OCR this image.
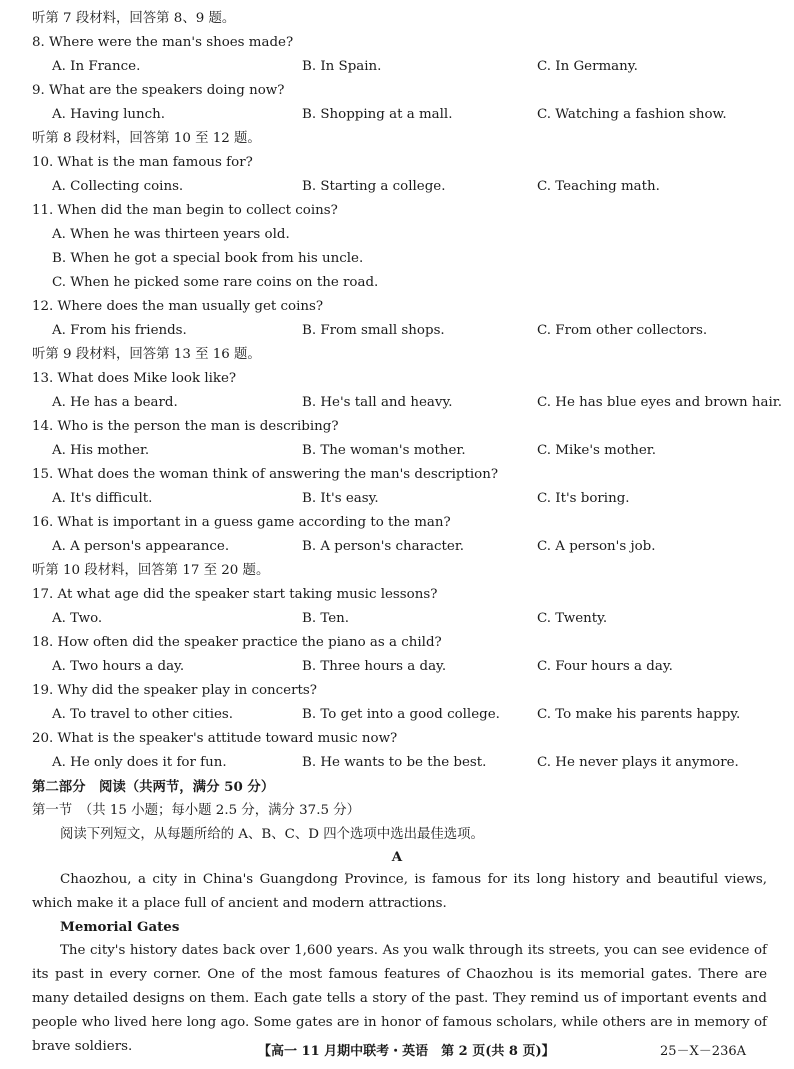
听第 7 段材料，回答第 8、9 题。
8. Where were the man's shoes made?
A. In France.	B. In Spain.	C. In Germany.
9. What are the speakers doing now?
A. Having lunch.	B. Shopping at a mall.	C. Watching a fashion show.
听第 8 段材料，回答第 10 至 12 题。
10. What is the man famous for?
A. Collecting coins.	B. Starting a college.	C. Teaching math.
11. When did the man begin to collect coins?
A. When he was thirteen years old.
B. When he got a special book from his uncle.
C. When he picked some rare coins on the road.
12. Where does the man usually get coins?
A. From his friends.	B. From small shops.	C. From other collectors.
听第 9 段材料，回答第 13 至 16 题。
13. What does Mike look like?
A. He has a beard.	B. He's tall and heavy.	C. He has blue eyes and brown hair.
14. Who is the person the man is describing?
A. His mother.	B. The woman's mother.	C. Mike's mother.
15. What does the woman think of answering the man's description?
A. It's difficult.	B. It's easy.	C. It's boring.
16. What is important in a guess game according to the man?
A. A person's appearance.	B. A person's character.	C. A person's job.
听第 10 段材料，回答第 17 至 20 题。
17. At what age did the speaker start taking music lessons?
A. Two.	B. Ten.	C. Twenty.
18. How often did the speaker practice the piano as a child?
A. Two hours a day.	B. Three hours a day.	C. Four hours a day.
19. Why did the speaker play in concerts?
A. To travel to other cities.	B. To get into a good college.	C. To make his parents happy.
20. What is the speaker's attitude toward music now?
A. He only does it for fun.	B. He wants to be the best.	C. He never plays it anymore.
第二部分　阅读（共两节，满分 50 分）
第一节　（共 15 小题；每小题 2.5 分，满分 37.5 分）
阅读下列短文，从每题所给的 A、B、C、D 四个选项中选出最佳选项。
A

Chaozhou, a city in China's Guangdong Province, is famous for its long history and beautiful views, which make it a place full of ancient and modern attractions.

Memorial Gates

The city's history dates back over 1,600 years. As you walk through its streets, you can see evidence of its past in every corner. One of the most famous features of Chaozhou is its memorial gates. There are many detailed designs on them. Each gate tells a story of the past. They remind us of important events and people who lived here long ago. Some gates are in honor of famous scholars, while others are in memory of brave soldiers.	【高一 11 月期中联考・英语　第 2 页(共 8 页)】	25－X－236A
